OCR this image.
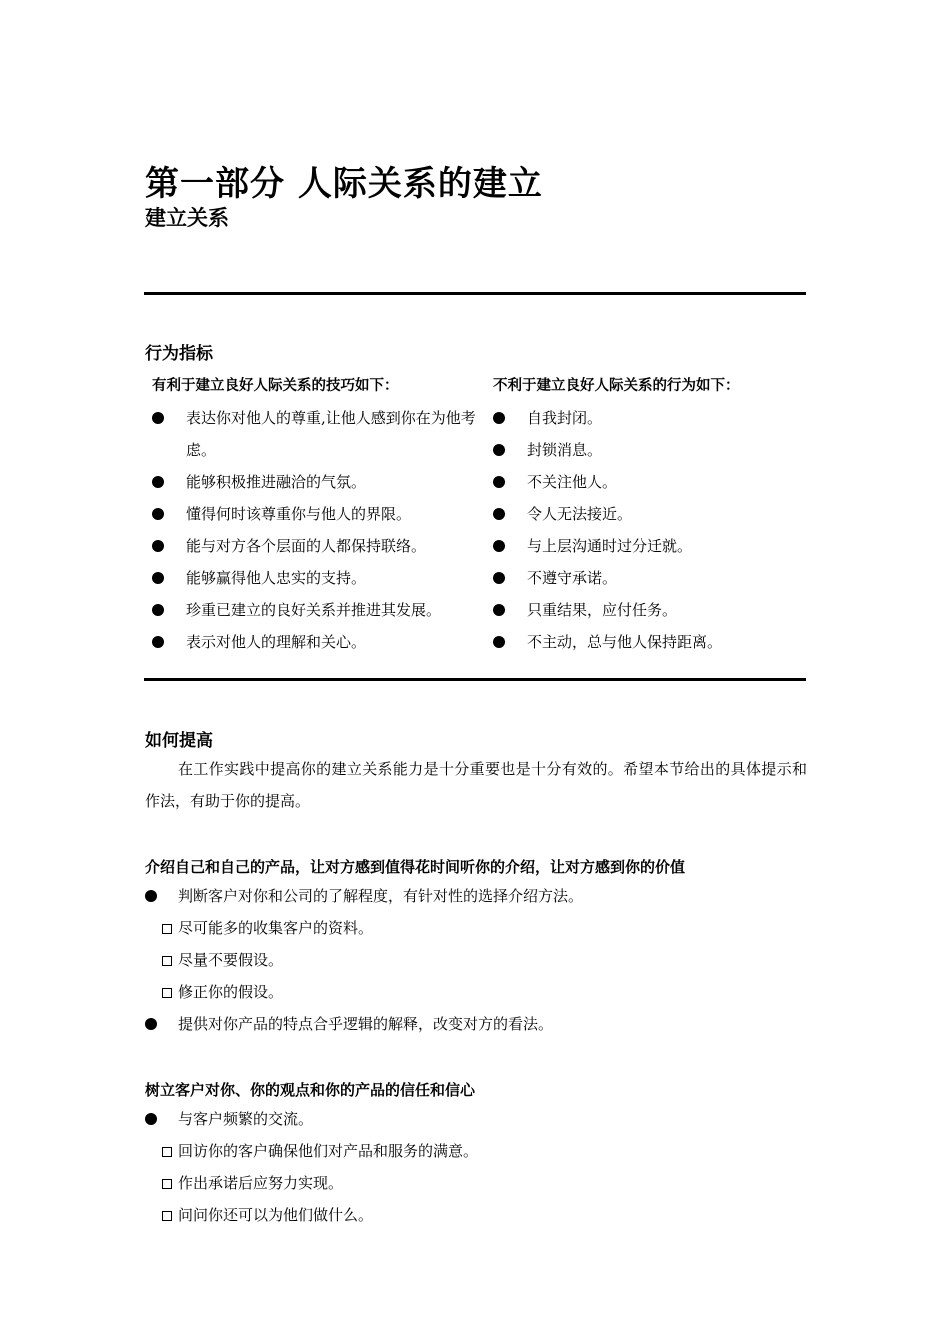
第一部分 人际关系的建立
建立关系
行为指标
有利于建立良好人际关系的技巧如下：
表达你对他人的尊重,让他人感到你在为他考虑。
能够积极推进融洽的气氛。
懂得何时该尊重你与他人的界限。
能与对方各个层面的人都保持联络。
能够赢得他人忠实的支持。
珍重已建立的良好关系并推进其发展。
表示对他人的理解和关心。
不利于建立良好人际关系的行为如下：
自我封闭。
封锁消息。
不关注他人。
令人无法接近。
与上层沟通时过分迁就。
不遵守承诺。
只重结果，应付任务。
不主动，总与他人保持距离。
如何提高
在工作实践中提高你的建立关系能力是十分重要也是十分有效的。希望本节给出的具体提示和作法，有助于你的提高。
介绍自己和自己的产品，让对方感到值得花时间听你的介绍，让对方感到你的价值
判断客户对你和公司的了解程度，有针对性的选择介绍方法。
尽可能多的收集客户的资料。
尽量不要假设。
修正你的假设。
提供对你产品的特点合乎逻辑的解释，改变对方的看法。
树立客户对你、你的观点和你的产品的信任和信心
与客户频繁的交流。
回访你的客户确保他们对产品和服务的满意。
作出承诺后应努力实现。
问问你还可以为他们做什么。
